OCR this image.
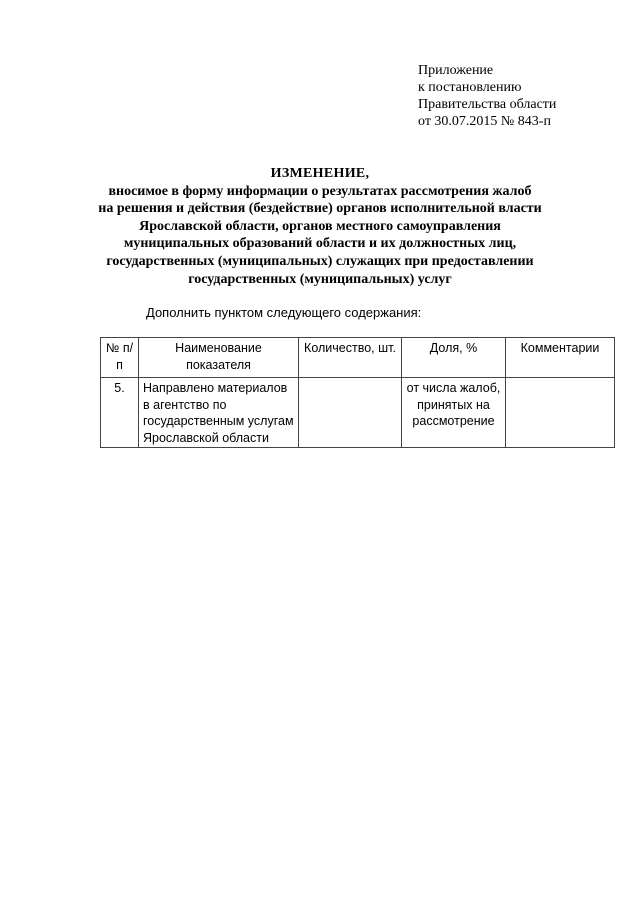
Приложение
к постановлению
Правительства области
от 30.07.2015 № 843-п
ИЗМЕНЕНИЕ,
вносимое в форму информации о результатах рассмотрения жалоб
на решения и действия (бездействие) органов исполнительной власти
Ярославской области, органов местного самоуправления
муниципальных образований области и их должностных лиц,
государственных (муниципальных) служащих при предоставлении
государственных (муниципальных) услуг
Дополнить пунктом следующего содержания:
№ п/п	Наименование показателя	Количество, шт.	Доля, %	Комментарии
5.	Направлено материалов в агентство по государственным услугам Ярославской области		от числа жалоб, принятых на рассмотрение	
